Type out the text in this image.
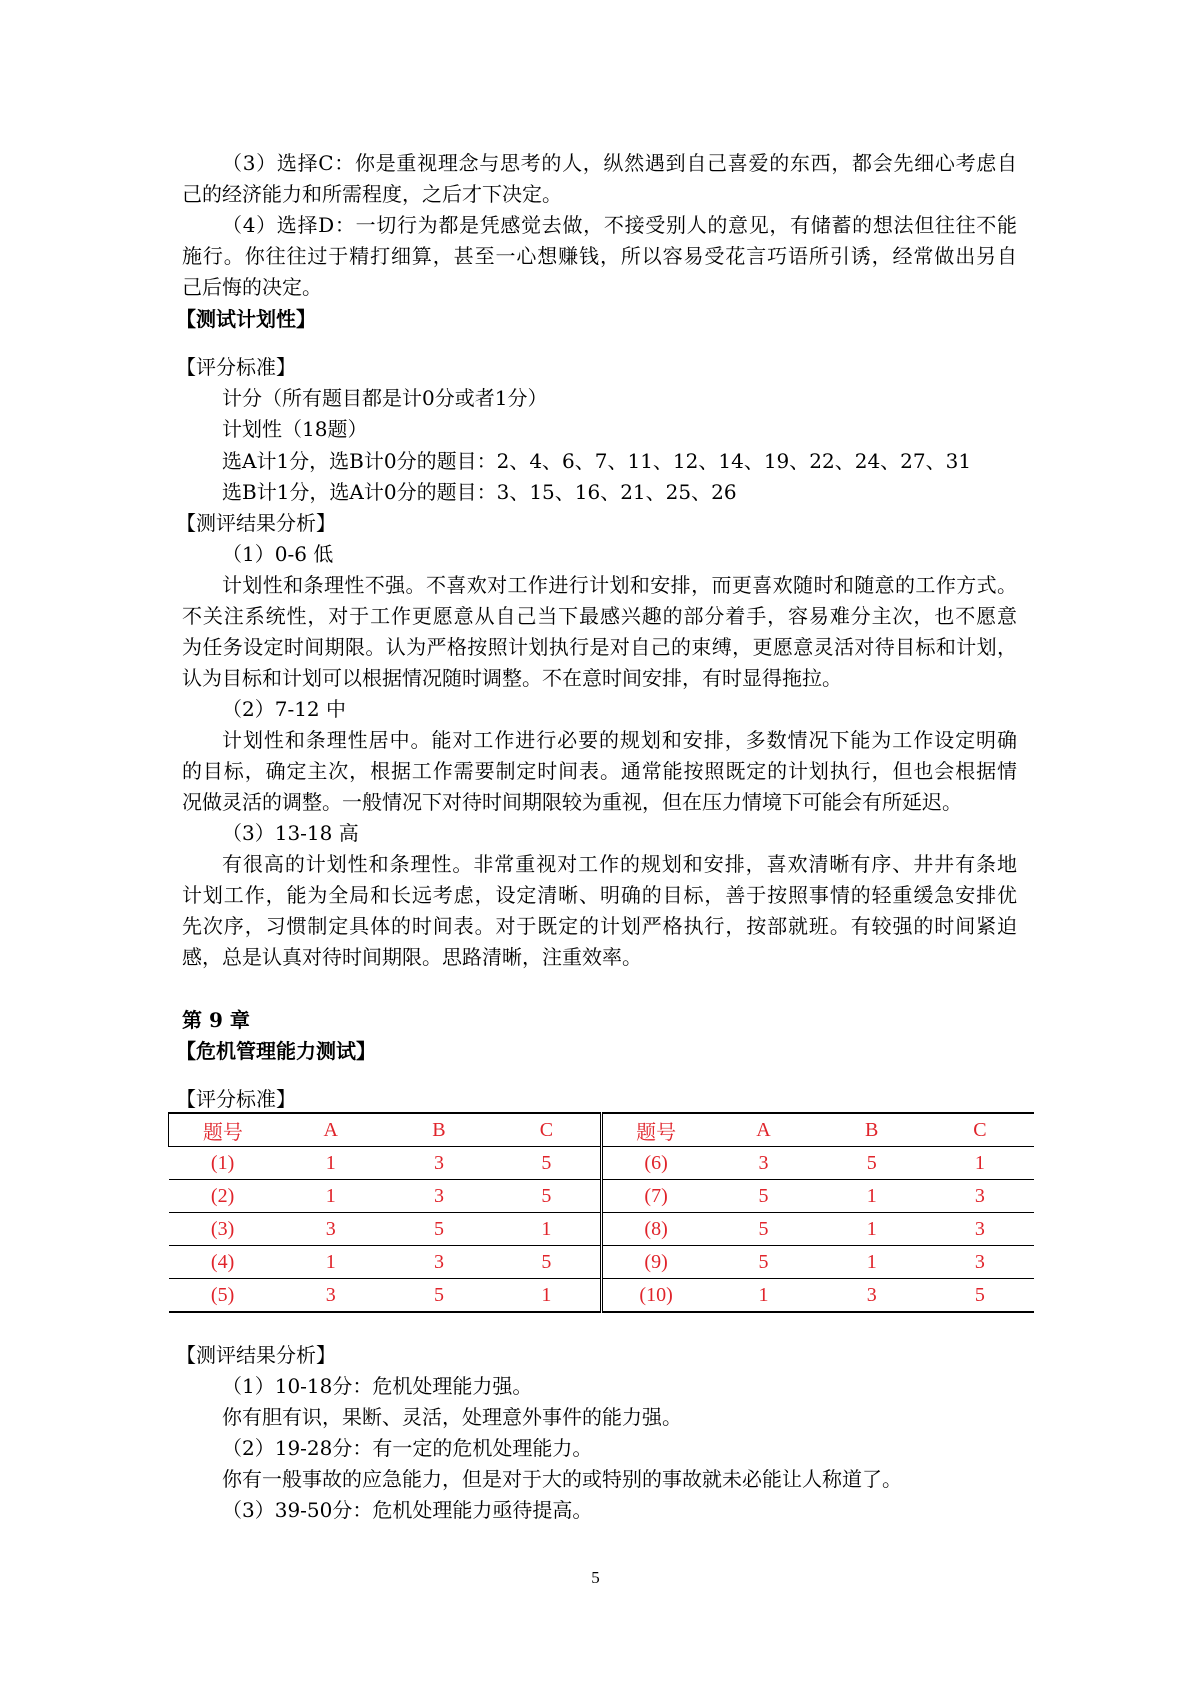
（3）选择C：你是重视理念与思考的人，纵然遇到自己喜爱的东西，都会先细心考虑自
己的经济能力和所需程度，之后才下决定。
（4）选择D：一切行为都是凭感觉去做，不接受别人的意见，有储蓄的想法但往往不能
施行。你往往过于精打细算，甚至一心想赚钱，所以容易受花言巧语所引诱，经常做出另自
己后悔的决定。
【测试计划性】
【评分标准】
计分（所有题目都是计0分或者1分）
计划性（18题）
选A计1分，选B计0分的题目：2、4、6、7、11、12、14、19、22、24、27、31
选B计1分，选A计0分的题目：3、15、16、21、25、26
【测评结果分析】
（1）0-6 低
计划性和条理性不强。不喜欢对工作进行计划和安排，而更喜欢随时和随意的工作方式。
不关注系统性，对于工作更愿意从自己当下最感兴趣的部分着手，容易难分主次，也不愿意
为任务设定时间期限。认为严格按照计划执行是对自己的束缚，更愿意灵活对待目标和计划，
认为目标和计划可以根据情况随时调整。不在意时间安排，有时显得拖拉。
（2）7-12 中
计划性和条理性居中。能对工作进行必要的规划和安排，多数情况下能为工作设定明确
的目标，确定主次，根据工作需要制定时间表。通常能按照既定的计划执行，但也会根据情
况做灵活的调整。一般情况下对待时间期限较为重视，但在压力情境下可能会有所延迟。
（3）13-18 高
有很高的计划性和条理性。非常重视对工作的规划和安排，喜欢清晰有序、井井有条地
计划工作，能为全局和长远考虑，设定清晰、明确的目标，善于按照事情的轻重缓急安排优
先次序，习惯制定具体的时间表。对于既定的计划严格执行，按部就班。有较强的时间紧迫
感，总是认真对待时间期限。思路清晰，注重效率。
第 9 章
【危机管理能力测试】
【评分标准】
题号	A	B	C	题号	A	B	C
(1)	1	3	5	(6)	3	5	1
(2)	1	3	5	(7)	5	1	3
(3)	3	5	1	(8)	5	1	3
(4)	1	3	5	(9)	5	1	3
(5)	3	5	1	(10)	1	3	5
【测评结果分析】
（1）10-18分：危机处理能力强。
你有胆有识，果断、灵活，处理意外事件的能力强。
（2）19-28分：有一定的危机处理能力。
你有一般事故的应急能力，但是对于大的或特别的事故就未必能让人称道了。
（3）39-50分：危机处理能力亟待提高。
5
